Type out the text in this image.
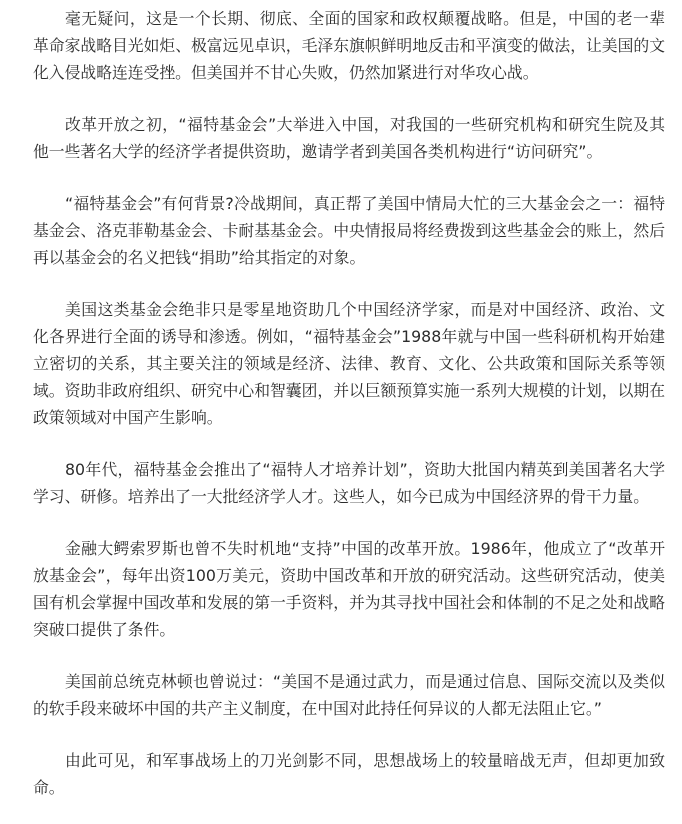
毫无疑问，这是一个长期、彻底、全面的国家和政权颠覆战略。但是，中国的老一辈革命家战略目光如炬、极富远见卓识，毛泽东旗帜鲜明地反击和平演变的做法，让美国的文化入侵战略连连受挫。但美国并不甘心失败，仍然加紧进行对华攻心战。

改革开放之初，“福特基金会”大举进入中国，对我国的一些研究机构和研究生院及其他一些著名大学的经济学者提供资助，邀请学者到美国各类机构进行“访问研究”。

“福特基金会”有何背景?冷战期间，真正帮了美国中情局大忙的三大基金会之一：福特基金会、洛克菲勒基金会、卡耐基基金会。中央情报局将经费拨到这些基金会的账上，然后再以基金会的名义把钱“捐助”给其指定的对象。

美国这类基金会绝非只是零星地资助几个中国经济学家，而是对中国经济、政治、文化各界进行全面的诱导和渗透。例如，“福特基金会”1988年就与中国一些科研机构开始建立密切的关系，其主要关注的领域是经济、法律、教育、文化、公共政策和国际关系等领域。资助非政府组织、研究中心和智囊团，并以巨额预算实施一系列大规模的计划，以期在政策领域对中国产生影响。

80年代，福特基金会推出了“福特人才培养计划”，资助大批国内精英到美国著名大学学习、研修。培养出了一大批经济学人才。这些人，如今已成为中国经济界的骨干力量。

金融大鳄索罗斯也曾不失时机地“支持”中国的改革开放。1986年，他成立了“改革开放基金会”，每年出资100万美元，资助中国改革和开放的研究活动。这些研究活动，使美国有机会掌握中国改革和发展的第一手资料，并为其寻找中国社会和体制的不足之处和战略突破口提供了条件。

美国前总统克林顿也曾说过：“美国不是通过武力，而是通过信息、国际交流以及类似的软手段来破坏中国的共产主义制度，在中国对此持任何异议的人都无法阻止它。”

由此可见，和军事战场上的刀光剑影不同，思想战场上的较量暗战无声，但却更加致命。
